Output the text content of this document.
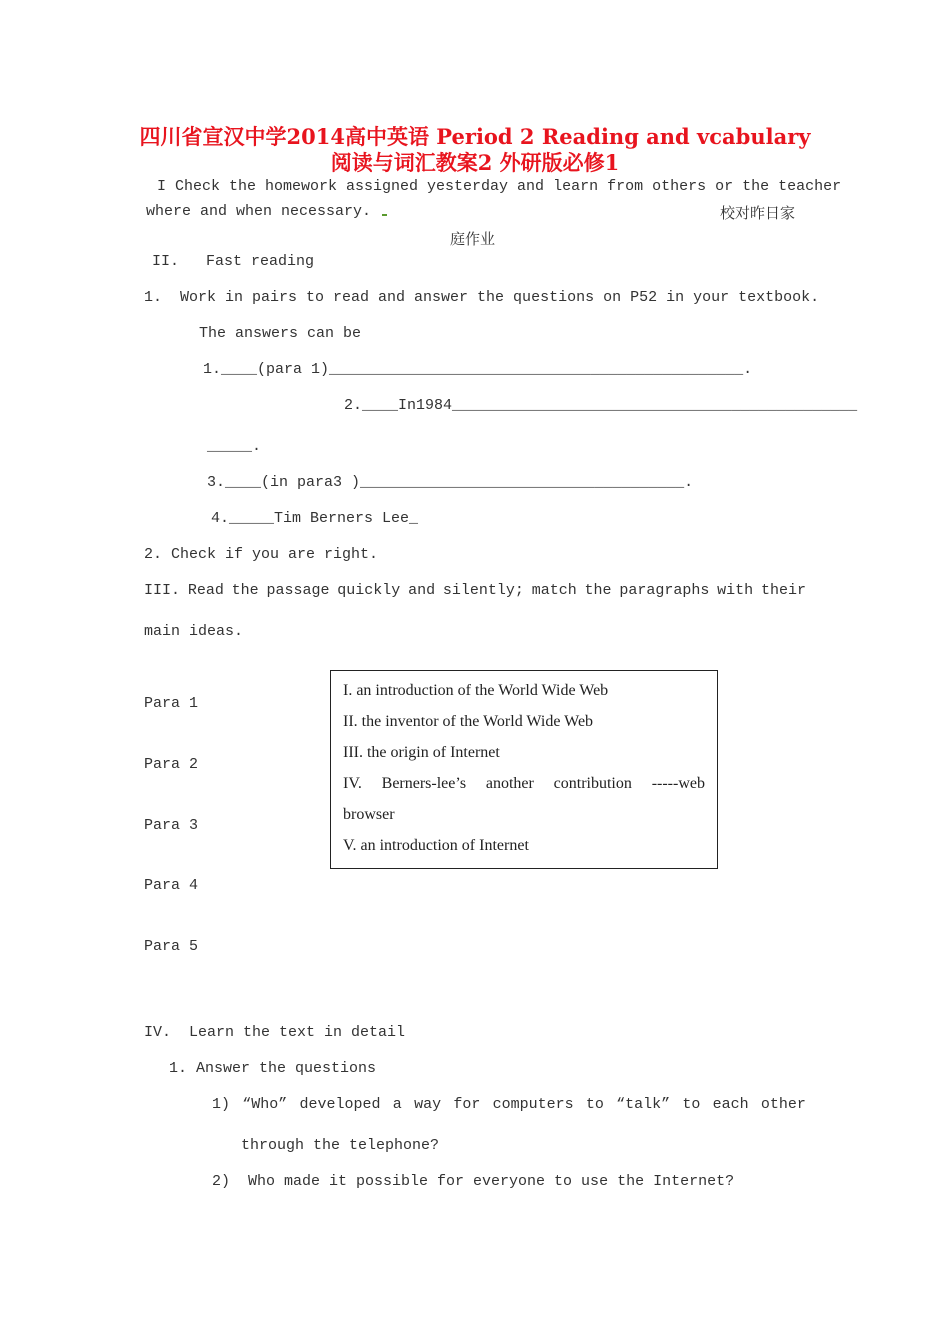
四川省宣汉中学2014高中英语 Period 2 Reading and vcabulary
阅读与词汇教案2 外研版必修1
I Check the homework assigned yesterday and learn from others or the teacher
where and when necessary.	校对昨日家
庭作业
II.   Fast reading
1.  Work in pairs to read and answer the questions on P52 in your textbook.
The answers can be
1.____(para 1)______________________________________________.
2.____In1984_____________________________________________
_____.
3.____(in para3 )____________________________________.
4._____Tim Berners Lee_
2. Check if you are right.
III. Read the passage quickly and silently; match the paragraphs with their
main ideas.
Para 1
Para 2
Para 3
Para 4
Para 5
I. an introduction of the World Wide Web
II. the inventor of the World Wide Web
III. the origin of Internet
IV. Berners-lee’s another contribution -----web
browser
V. an introduction of Internet
IV.  Learn the text in detail
1. Answer the questions
1) “Who” developed a way for computers to “talk” to each other
through the telephone?
2)  Who made it possible for everyone to use the Internet?
